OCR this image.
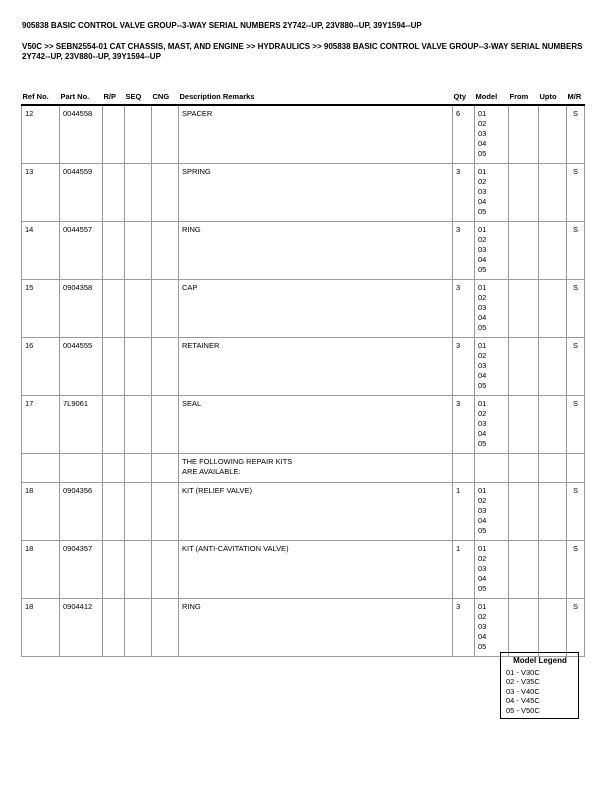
905838 BASIC CONTROL VALVE GROUP--3-WAY SERIAL NUMBERS 2Y742--UP, 23V880--UP, 39Y1594--UP
V50C >> SEBN2554-01 CAT CHASSIS, MAST, AND ENGINE >> HYDRAULICS >> 905838 BASIC CONTROL VALVE GROUP--3-WAY SERIAL NUMBERS 2Y742--UP, 23V880--UP, 39Y1594--UP
Ref No.	Part No.	R/P	SEQ	CNG	Description Remarks	Qty	Model	From	Upto	M/R
12	0044558				SPACER	6	01
02
03
04
05			S
13	0044559				SPRING	3	01
02
03
04
05			S
14	0044557				RING	3	01
02
03
04
05			S
15	0904358				CAP	3	01
02
03
04
05			S
16	0044555				RETAINER	3	01
02
03
04
05			S
17	7L9061				SEAL	3	01
02
03
04
05			S

					THE FOLLOWING REPAIR KITS
ARE AVAILABLE:					

18	0904356				KIT (RELIEF VALVE)	1	01
02
03
04
05			S
18	0904357				KIT (ANTI-CAVITATION VALVE)	1	01
02
03
04
05			S
18	0904412				RING	3	01
02
03
04
05			S
Model Legend
01 - V30C
02 - V35C
03 - V40C
04 - V45C
05 - V50C
